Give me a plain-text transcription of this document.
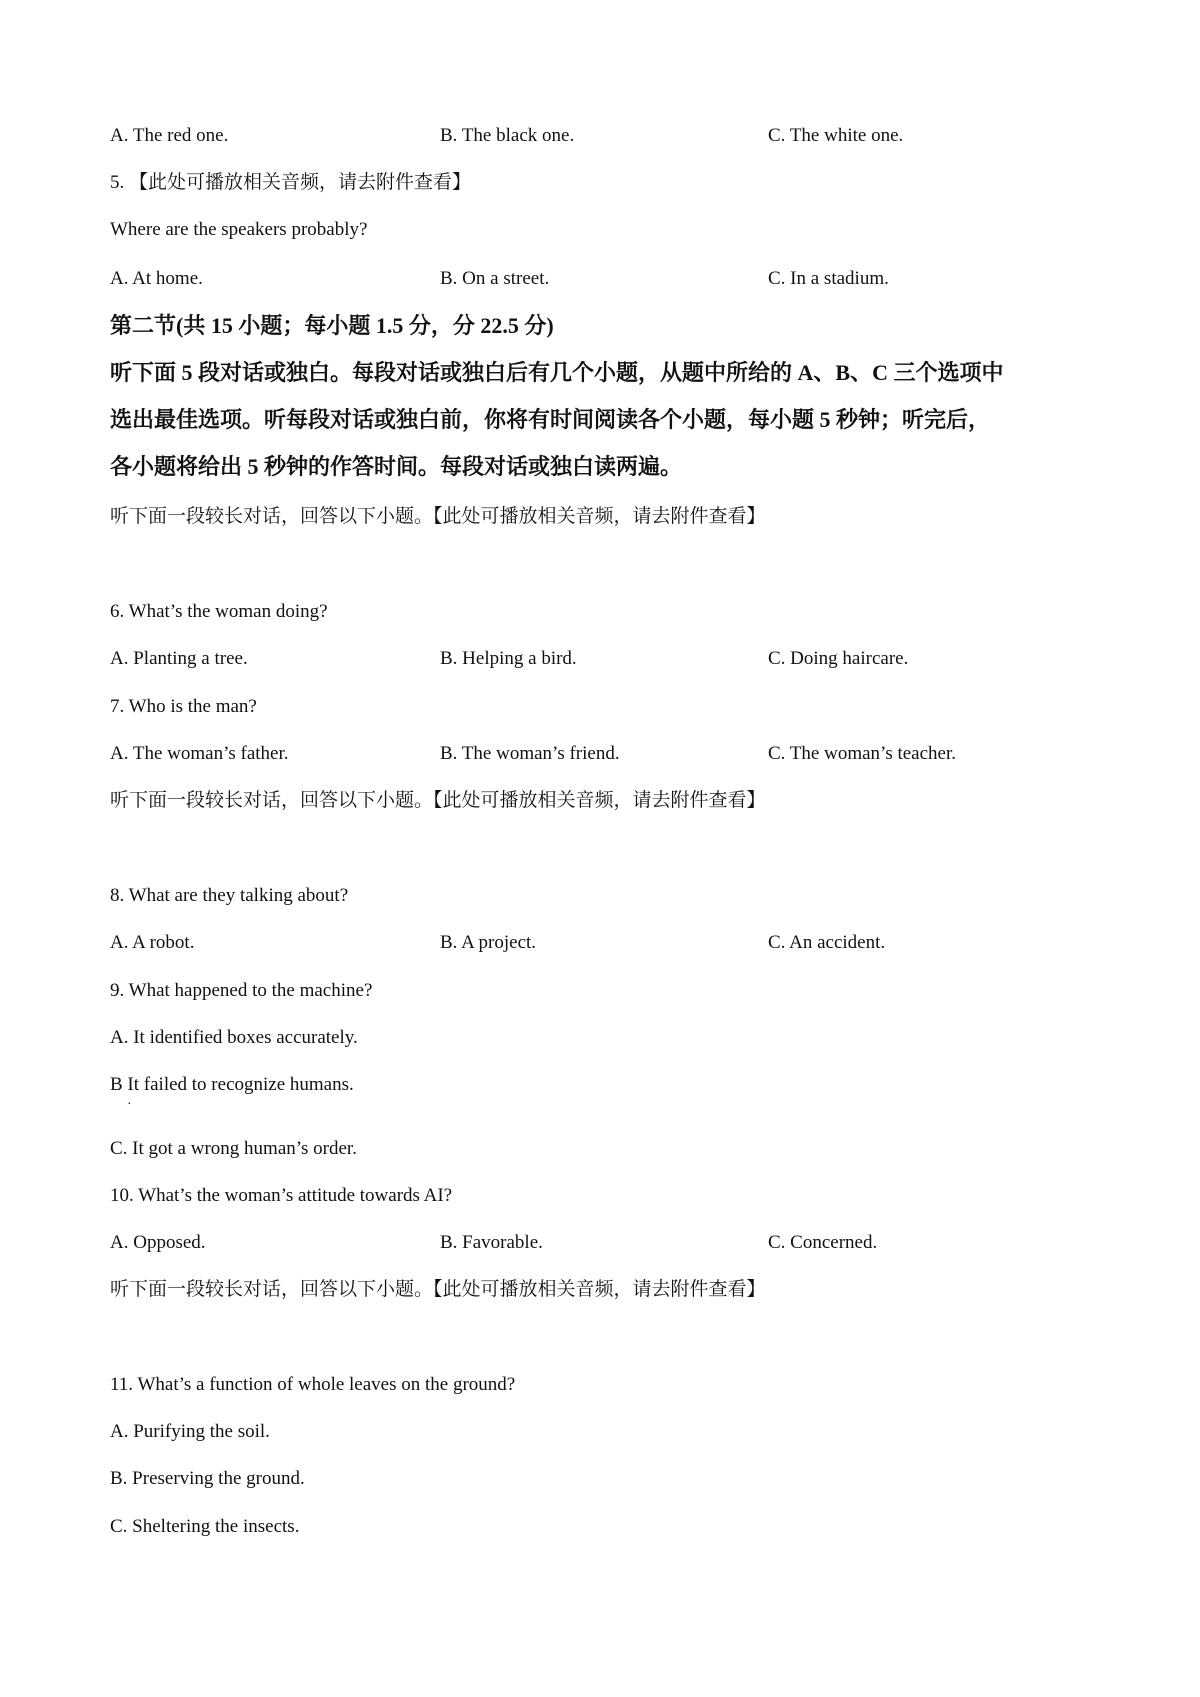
A. The red one.	B. The black one.	C. The white one.
5. 【此处可播放相关音频，请去附件查看】
Where are the speakers probably?
A. At home.	B. On a street.	C. In a stadium.
第二节(共 15 小题；每小题 1.5 分，分 22.5 分)
听下面 5 段对话或独白。每段对话或独白后有几个小题，从题中所给的 A、B、C 三个选项中
选出最佳选项。听每段对话或独白前，你将有时间阅读各个小题，每小题 5 秒钟；听完后，
各小题将给出 5 秒钟的作答时间。每段对话或独白读两遍。
听下面一段较长对话，回答以下小题。【此处可播放相关音频，请去附件查看】
6. What’s the woman doing?
A. Planting a tree.	B. Helping a bird.	C. Doing haircare.
7. Who is the man?
A. The woman’s father.	B. The woman’s friend.	C. The woman’s teacher.
听下面一段较长对话，回答以下小题。【此处可播放相关音频，请去附件查看】
8. What are they talking about?
A. A robot.	B. A project.	C. An accident.
9. What happened to the machine?
A. It identified boxes accurately.
B It failed to recognize humans.
·
C. It got a wrong human’s order.
10. What’s the woman’s attitude towards AI?
A. Opposed.	B. Favorable.	C. Concerned.
听下面一段较长对话，回答以下小题。【此处可播放相关音频，请去附件查看】
11. What’s a function of whole leaves on the ground?
A. Purifying the soil.
B. Preserving the ground.
C. Sheltering the insects.
